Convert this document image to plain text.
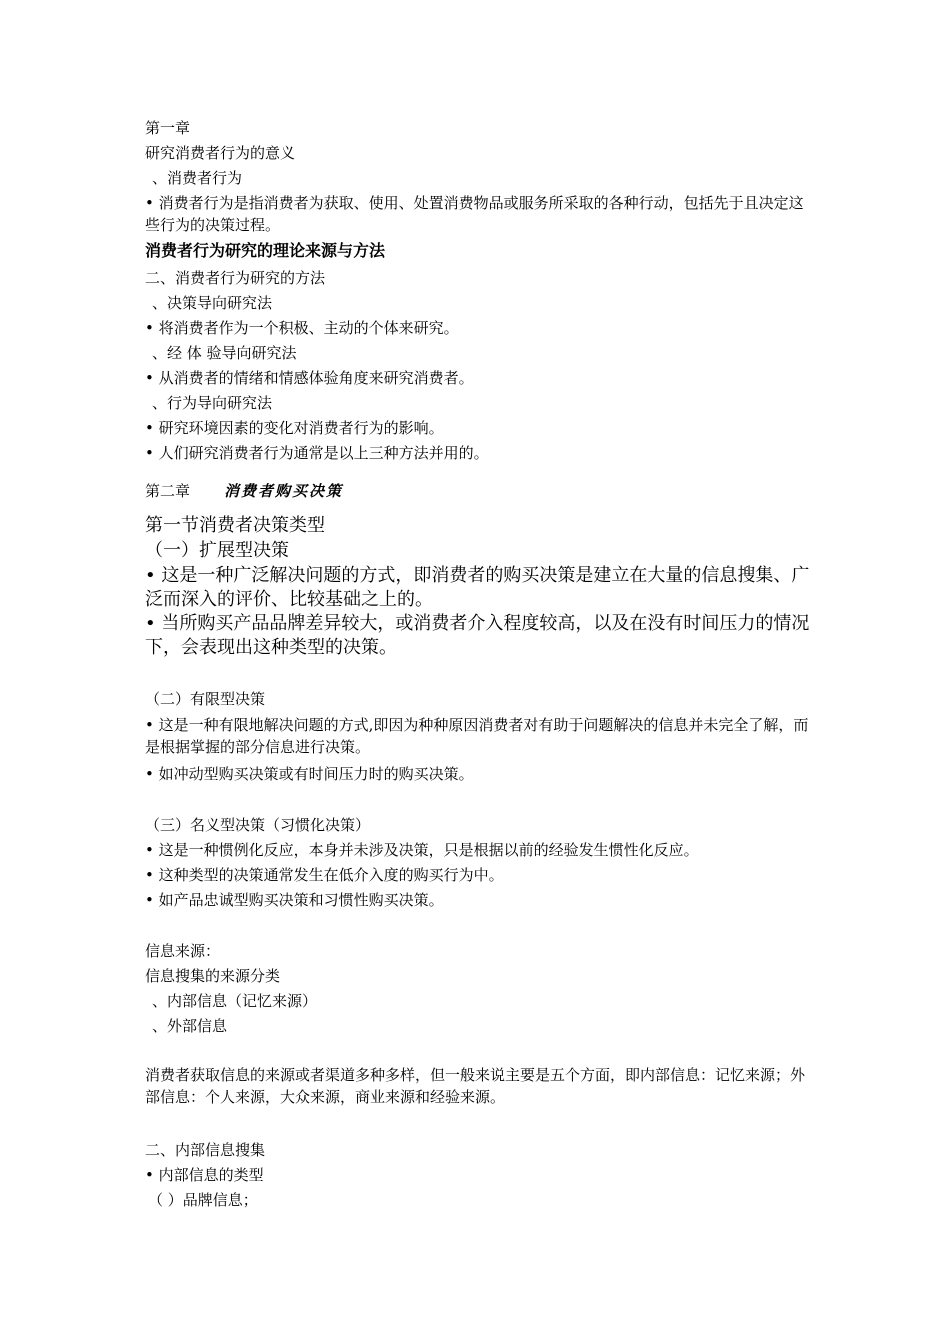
第一章
研究消费者行为的意义
、消费者行为
• 消费者行为是指消费者为获取、使用、处置消费物品或服务所采取的各种行动，包括先于且决定这些行为的决策过程。
消费者行为研究的理论来源与方法
二、消费者行为研究的方法
、决策导向研究法
• 将消费者作为一个积极、主动的个体来研究。
、经 体 验导向研究法
• 从消费者的情绪和情感体验角度来研究消费者。
、行为导向研究法
• 研究环境因素的变化对消费者行为的影响。
• 人们研究消费者行为通常是以上三种方法并用的。
第二章 消费者购买决策
第一节消费者决策类型
（一）扩展型决策
• 这是一种广泛解决问题的方式，即消费者的购买决策是建立在大量的信息搜集、广泛而深入的评价、比较基础之上的。
• 当所购买产品品牌差异较大，或消费者介入程度较高，以及在没有时间压力的情况下，会表现出这种类型的决策。
（二）有限型决策
• 这是一种有限地解决问题的方式,即因为种种原因消费者对有助于问题解决的信息并未完全了解，而是根据掌握的部分信息进行决策。
• 如冲动型购买决策或有时间压力时的购买决策。
（三）名义型决策（习惯化决策）
• 这是一种惯例化反应，本身并未涉及决策，只是根据以前的经验发生惯性化反应。
• 这种类型的决策通常发生在低介入度的购买行为中。
• 如产品忠诚型购买决策和习惯性购买决策。
信息来源：
信息搜集的来源分类
、内部信息（记忆来源）
、外部信息
消费者获取信息的来源或者渠道多种多样，但一般来说主要是五个方面，即内部信息：记忆来源；外部信息：个人来源，大众来源，商业来源和经验来源。
二、内部信息搜集
• 内部信息的类型
（ ）品牌信息；
